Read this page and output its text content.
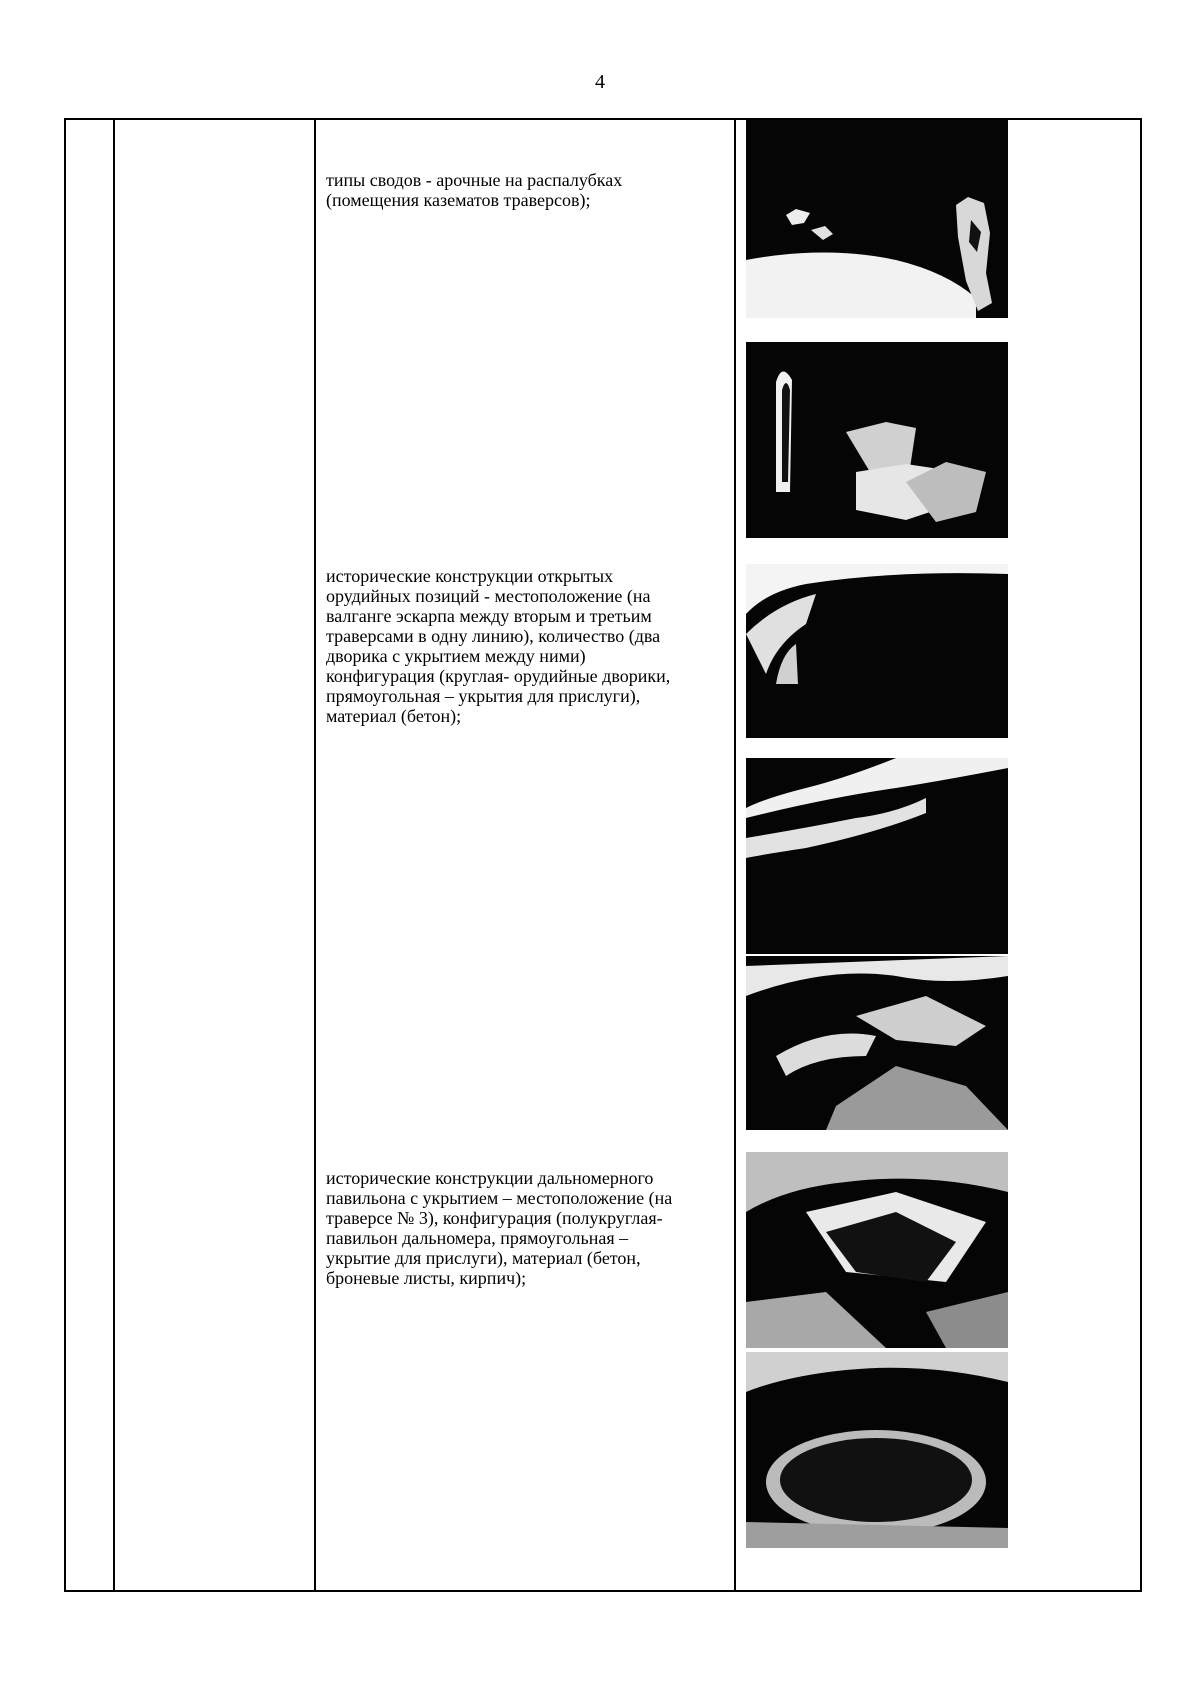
4
типы сводов - арочные на распалубках
(помещения казематов траверсов);
исторические конструкции открытых
орудийных позиций - местоположение (на
валганге эскарпа между вторым и третьим
траверсами в одну линию), количество (два
дворика с укрытием между ними)
конфигурация (круглая- орудийные дворики,
прямоугольная – укрытия для прислуги),
материал (бетон);
исторические конструкции дальномерного
павильона с укрытием – местоположение (на
траверсе № 3), конфигурация (полукруглая-
павильон дальномера, прямоугольная –
укрытие для прислуги), материал (бетон,
броневые листы, кирпич);
